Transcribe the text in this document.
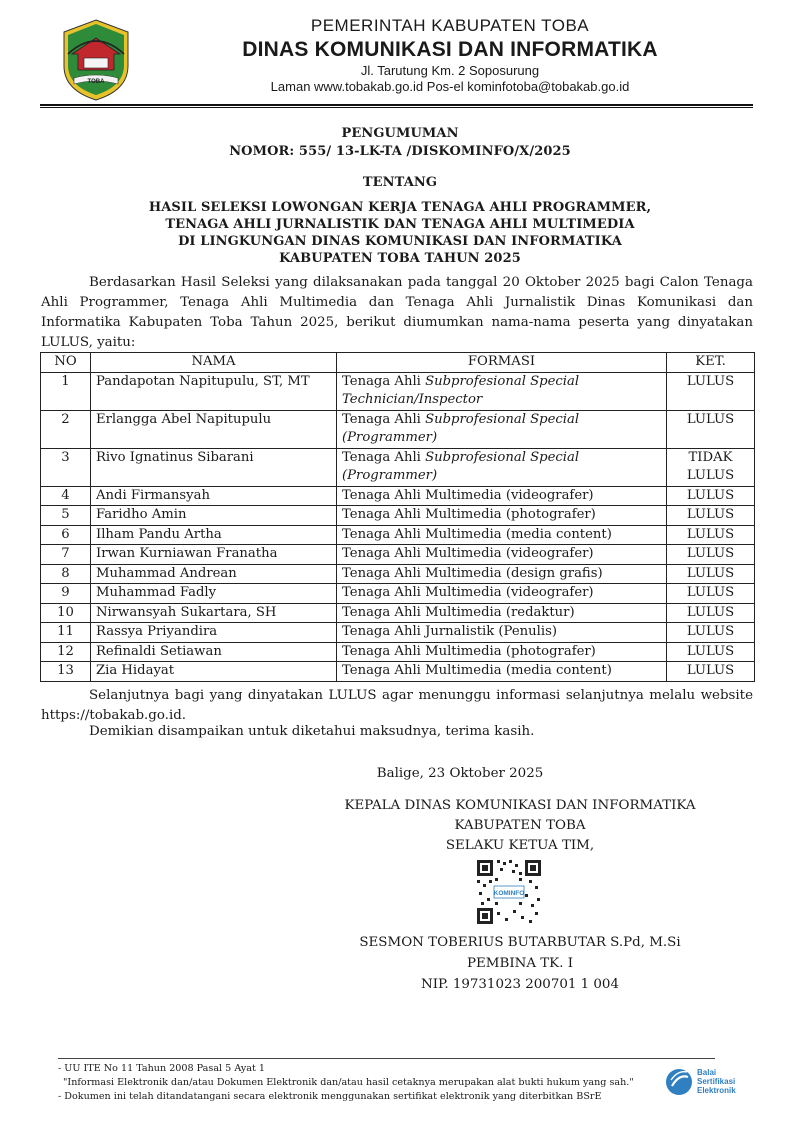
TOBA
PEMERINTAH KABUPATEN TOBA
DINAS KOMUNIKASI DAN INFORMATIKA
Jl. Tarutung Km. 2 Soposurung
Laman www.tobakab.go.id Pos-el kominfotoba@tobakab.go.id
PENGUMUMAN
NOMOR: 555/ 13-LK-TA /DISKOMINFO/X/2025
TENTANG
HASIL SELEKSI LOWONGAN KERJA TENAGA AHLI PROGRAMMER,
TENAGA AHLI JURNALISTIK DAN TENAGA AHLI MULTIMEDIA
DI LINGKUNGAN DINAS KOMUNIKASI DAN INFORMATIKA
KABUPATEN TOBA TAHUN 2025
Berdasarkan Hasil Seleksi yang dilaksanakan pada tanggal 20 Oktober 2025 bagi Calon Tenaga Ahli Programmer, Tenaga Ahli Multimedia dan Tenaga Ahli Jurnalistik Dinas Komunikasi dan Informatika Kabupaten Toba Tahun 2025, berikut diumumkan nama-nama peserta yang dinyatakan LULUS, yaitu:
NO	NAMA	FORMASI	KET.
1	Pandapotan Napitupulu, ST, MT	Tenaga Ahli Subprofesional Special Technician/Inspector	LULUS
2	Erlangga Abel Napitupulu	Tenaga Ahli Subprofesional Special (Programmer)	LULUS
3	Rivo Ignatinus Sibarani	Tenaga Ahli Subprofesional Special (Programmer)	TIDAK LULUS
4	Andi Firmansyah	Tenaga Ahli Multimedia (videografer)	LULUS
5	Faridho Amin	Tenaga Ahli Multimedia (photografer)	LULUS
6	Ilham Pandu Artha	Tenaga Ahli Multimedia (media content)	LULUS
7	Irwan Kurniawan Franatha	Tenaga Ahli Multimedia (videografer)	LULUS
8	Muhammad Andrean	Tenaga Ahli Multimedia (design grafis)	LULUS
9	Muhammad Fadly	Tenaga Ahli Multimedia (videografer)	LULUS
10	Nirwansyah Sukartara, SH	Tenaga Ahli Multimedia (redaktur)	LULUS
11	Rassya Priyandira	Tenaga Ahli Jurnalistik (Penulis)	LULUS
12	Refinaldi Setiawan	Tenaga Ahli Multimedia (photografer)	LULUS
13	Zia Hidayat	Tenaga Ahli Multimedia (media content)	LULUS
Selanjutnya bagi yang dinyatakan LULUS agar menunggu informasi selanjutnya melalu website https://tobakab.go.id.
Demikian disampaikan untuk diketahui maksudnya, terima kasih.
Balige, 23 Oktober 2025
KEPALA DINAS KOMUNIKASI DAN INFORMATIKA
KABUPATEN TOBA
SELAKU KETUA TIM,
KOMINFO
SESMON TOBERIUS BUTARBUTAR S.Pd, M.Si
PEMBINA TK. I
NIP. 19731023 200701 1 004
- UU ITE No 11 Tahun 2008 Pasal 5 Ayat 1
"Informasi Elektronik dan/atau Dokumen Elektronik dan/atau hasil cetaknya merupakan alat bukti hukum yang sah."
- Dokumen ini telah ditandatangani secara elektronik menggunakan sertifikat elektronik yang diterbitkan BSrE
Balai
Sertifikasi
Elektronik
